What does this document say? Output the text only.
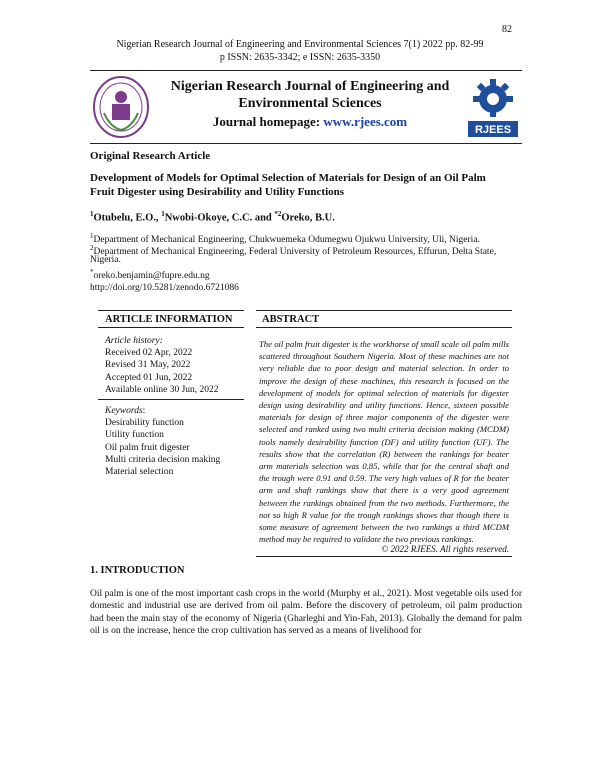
82
Nigerian Research Journal of Engineering and Environmental Sciences 7(1) 2022 pp. 82-99
p ISSN: 2635-3342; e ISSN: 2635-3350
Nigerian Research Journal of Engineering and
Environmental Sciences
Journal homepage: www.rjees.com
RJEES
Original Research Article
Development of Models for Optimal Selection of Materials for Design of an Oil Palm
Fruit Digester using Desirability and Utility Functions
$^1$Otubelu, E.O., $^1$Nwobi-Okoye, C.C. and $^{*2}$Oreko, B.U.
$^1$Department of Mechanical Engineering, Chukwuemeka Odumegwu Ojukwu University, Uli, Nigeria.
$^2$Department of Mechanical Engineering, Federal University of Petroleum Resources, Effurun, Delta State,
Nigeria.
*oreko.benjamin@fupre.edu.ng
http://doi.org/10.5281/zenodo.6721086
ARTICLE INFORMATION	ABSTRACT
Article history:
Received 02 Apr, 2022
Revised 31 May, 2022
Accepted 01 Jun, 2022
Available online 30 Jun, 2022
Keywords:
Desirability function
Utility function
Oil palm fruit digester
Multi criteria decision making
Material selection
The oil palm fruit digester is the workhorse of small scale oil palm mills scattered throughout Southern Nigeria. Most of these machines are not very reliable due to poor design and material selection. In order to improve the design of these machines, this research is focused on the development of models for optimal selection of materials for digester design using desirability and utility functions. Hence, sixteen possible materials for design of three major components of the digester were selected and ranked using two multi criteria decision making (MCDM) tools namely desirability function (DF) and utility function (UF). The results show that the correlation (R) between the rankings for beater arm materials selection was 0.85, while that for the central shaft and the trough were 0.91 and 0.59. The very high values of R for the beater arm and shaft rankings show that there is a very good agreement between the rankings obtained from the two methods. Furthermore, the not so high R value for the trough rankings shows that though there is some measure of agreement between the two rankings a third MCDM method may be required to validate the two previous rankings.
© 2022 RJEES. All rights reserved.
1. INTRODUCTION
Oil palm is one of the most important cash crops in the world (Murphy et al., 2021). Most vegetable oils used for domestic and industrial use are derived from oil palm. Before the discovery of petroleum, oil palm production had been the main stay of the economy of Nigeria (Gharleghi and Yin-Fah, 2013). Globally the demand for palm oil is on the increase, hence the crop cultivation has served as a means of livelihood for
